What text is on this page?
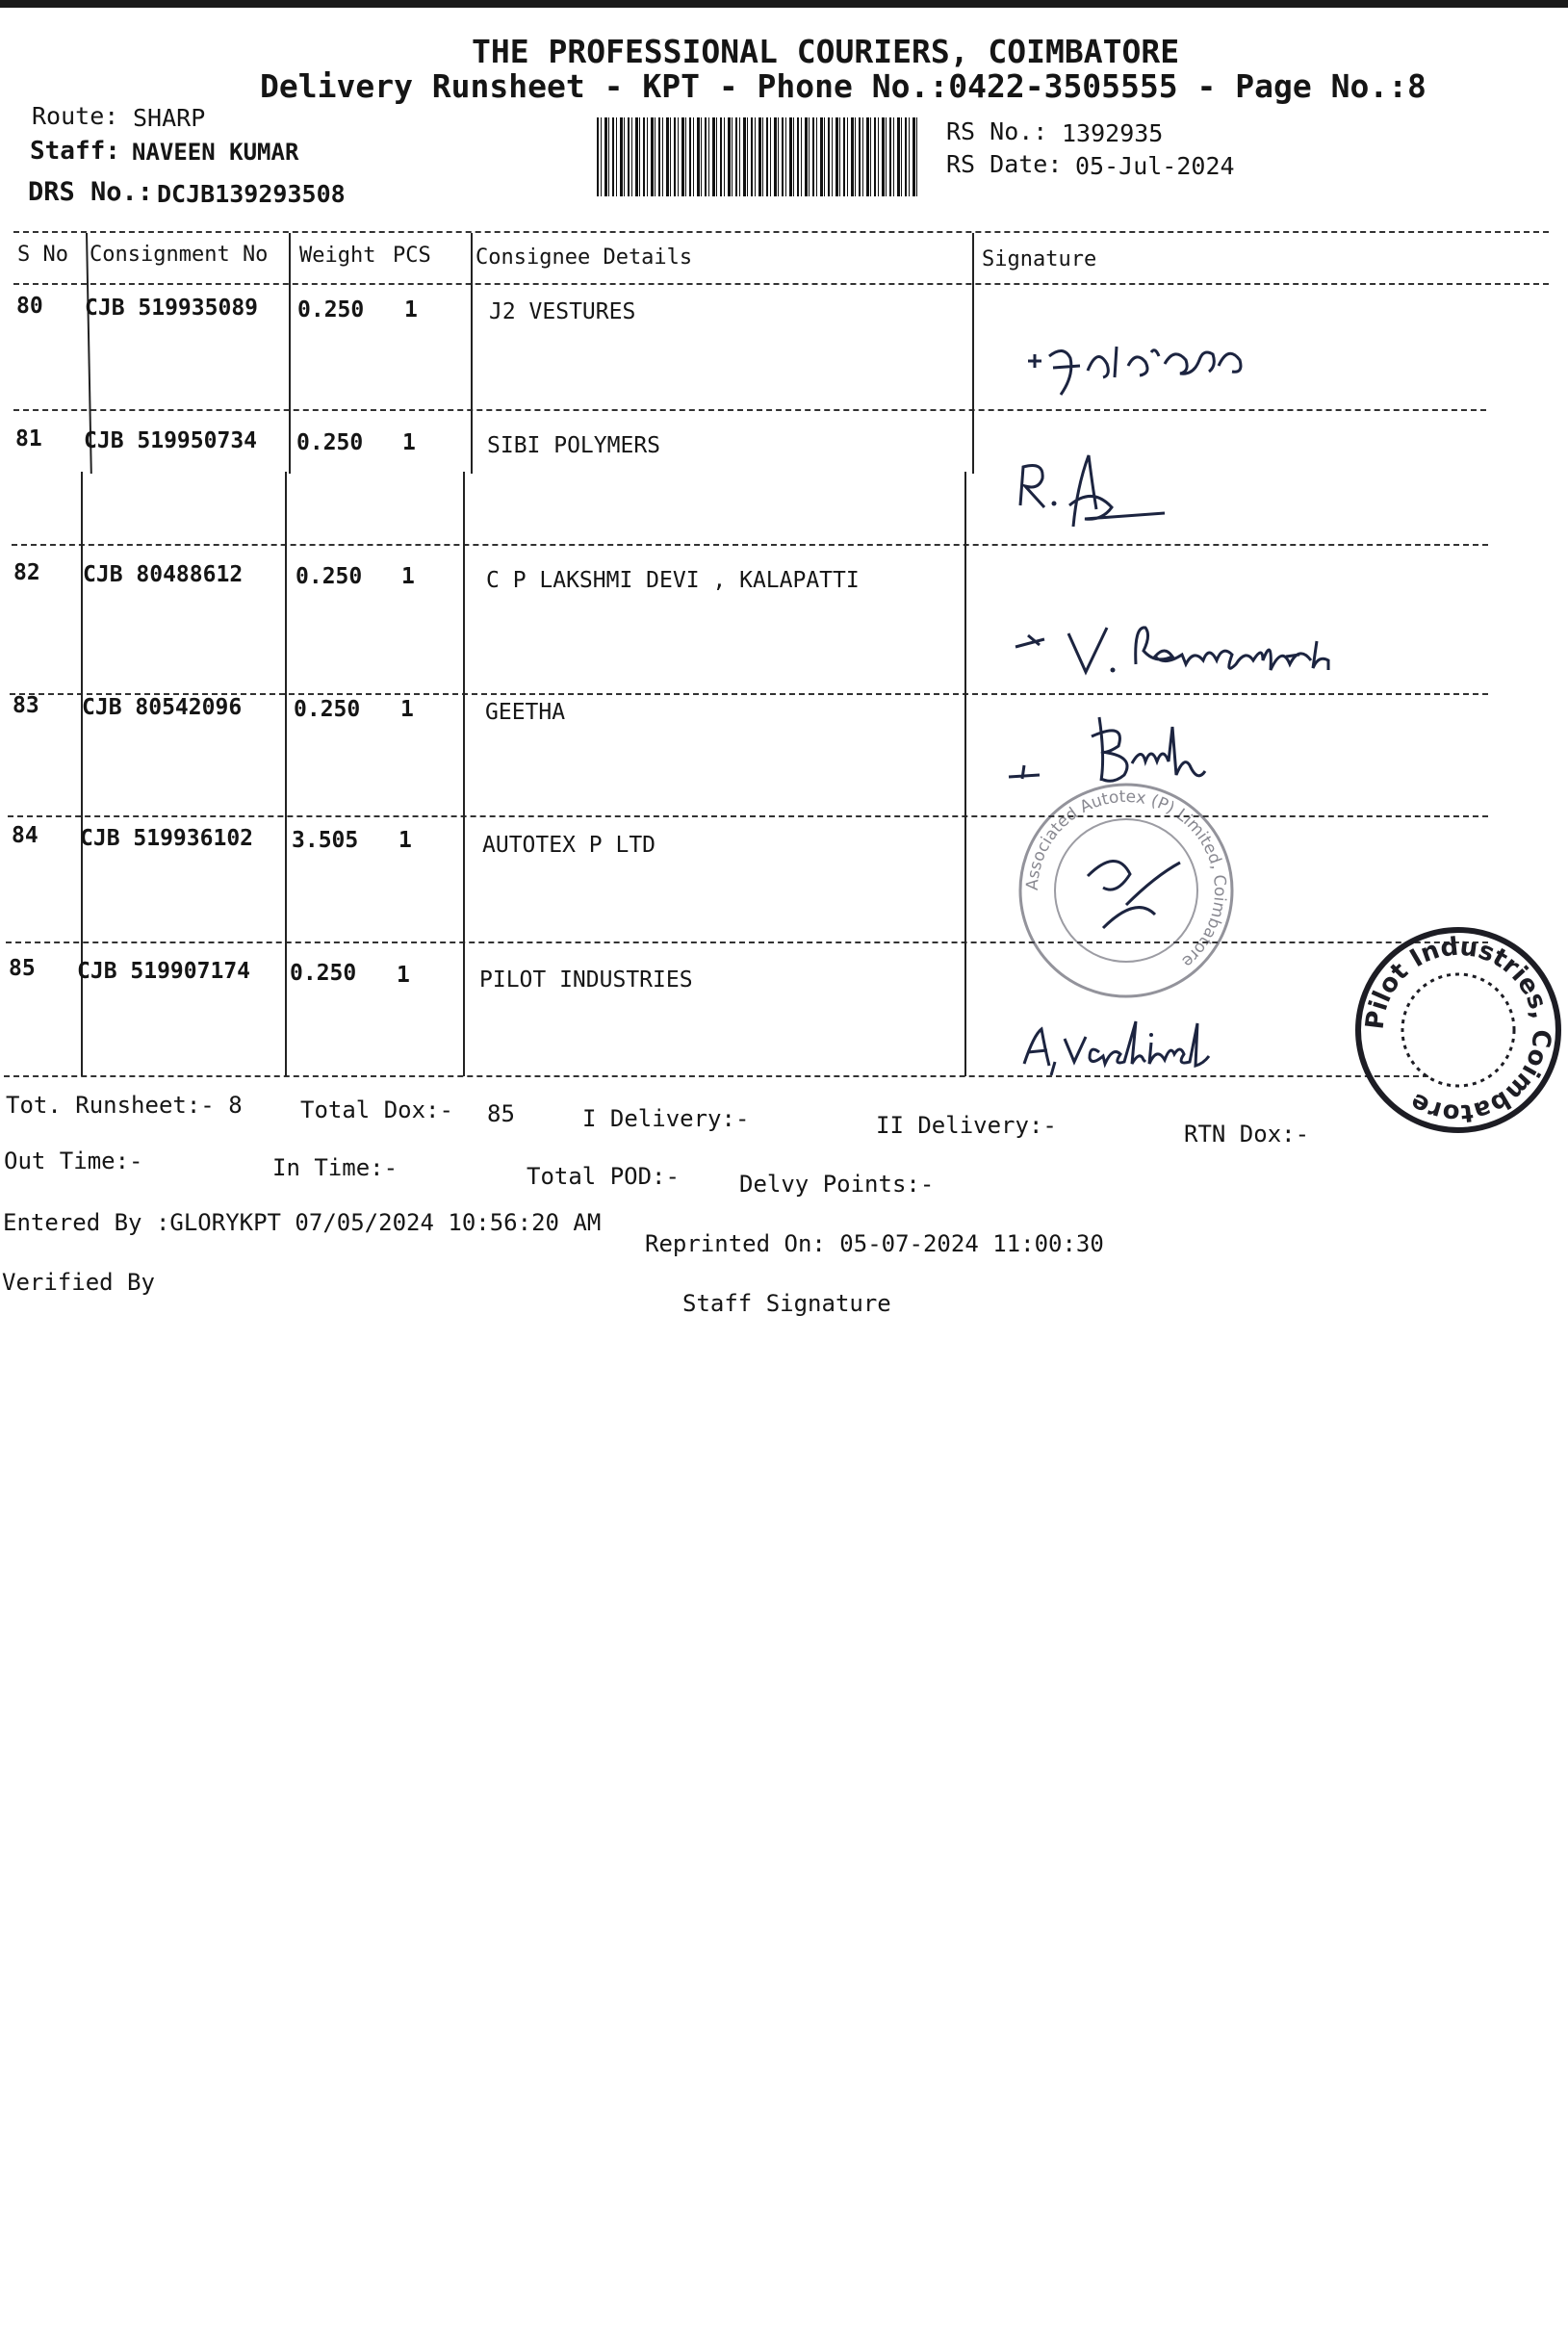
THE PROFESSIONAL COURIERS, COIMBATORE
Delivery Runsheet - KPT - Phone No.:0422-3505555 - Page No.:8
Route: SHARP
Staff: NAVEEN KUMAR
DRS No.: DCJB139293508
RS No.: 1392935
RS Date: 05-Jul-2024
S No Consignment No Weight PCS Consignee Details	Signature
80 CJB 519935089 0.250 1	J2 VESTURES
81 CJB 519950734 0.250 1	SIBI POLYMERS
82 CJB 80488612 0.250 1	C P LAKSHMI DEVI , KALAPATTI
83 CJB 80542096 0.250 1	GEETHA
84 CJB 519936102 3.505 1	AUTOTEX P LTD
85 CJB 519907174 0.250 1	PILOT INDUSTRIES
Associated Autotex (P) Limited, Coimbatore
Pilot Industries, Coimbatore
Tot. Runsheet:- 8	Total Dox:- 85	I Delivery:-	II Delivery:-	RTN Dox:-
Out Time:-	In Time:-	Total POD:-	Delvy Points:-
Entered By :GLORYKPT 07/05/2024 10:56:20 AM
Reprinted On: 05-07-2024 11:00:30
Verified By
Staff Signature
